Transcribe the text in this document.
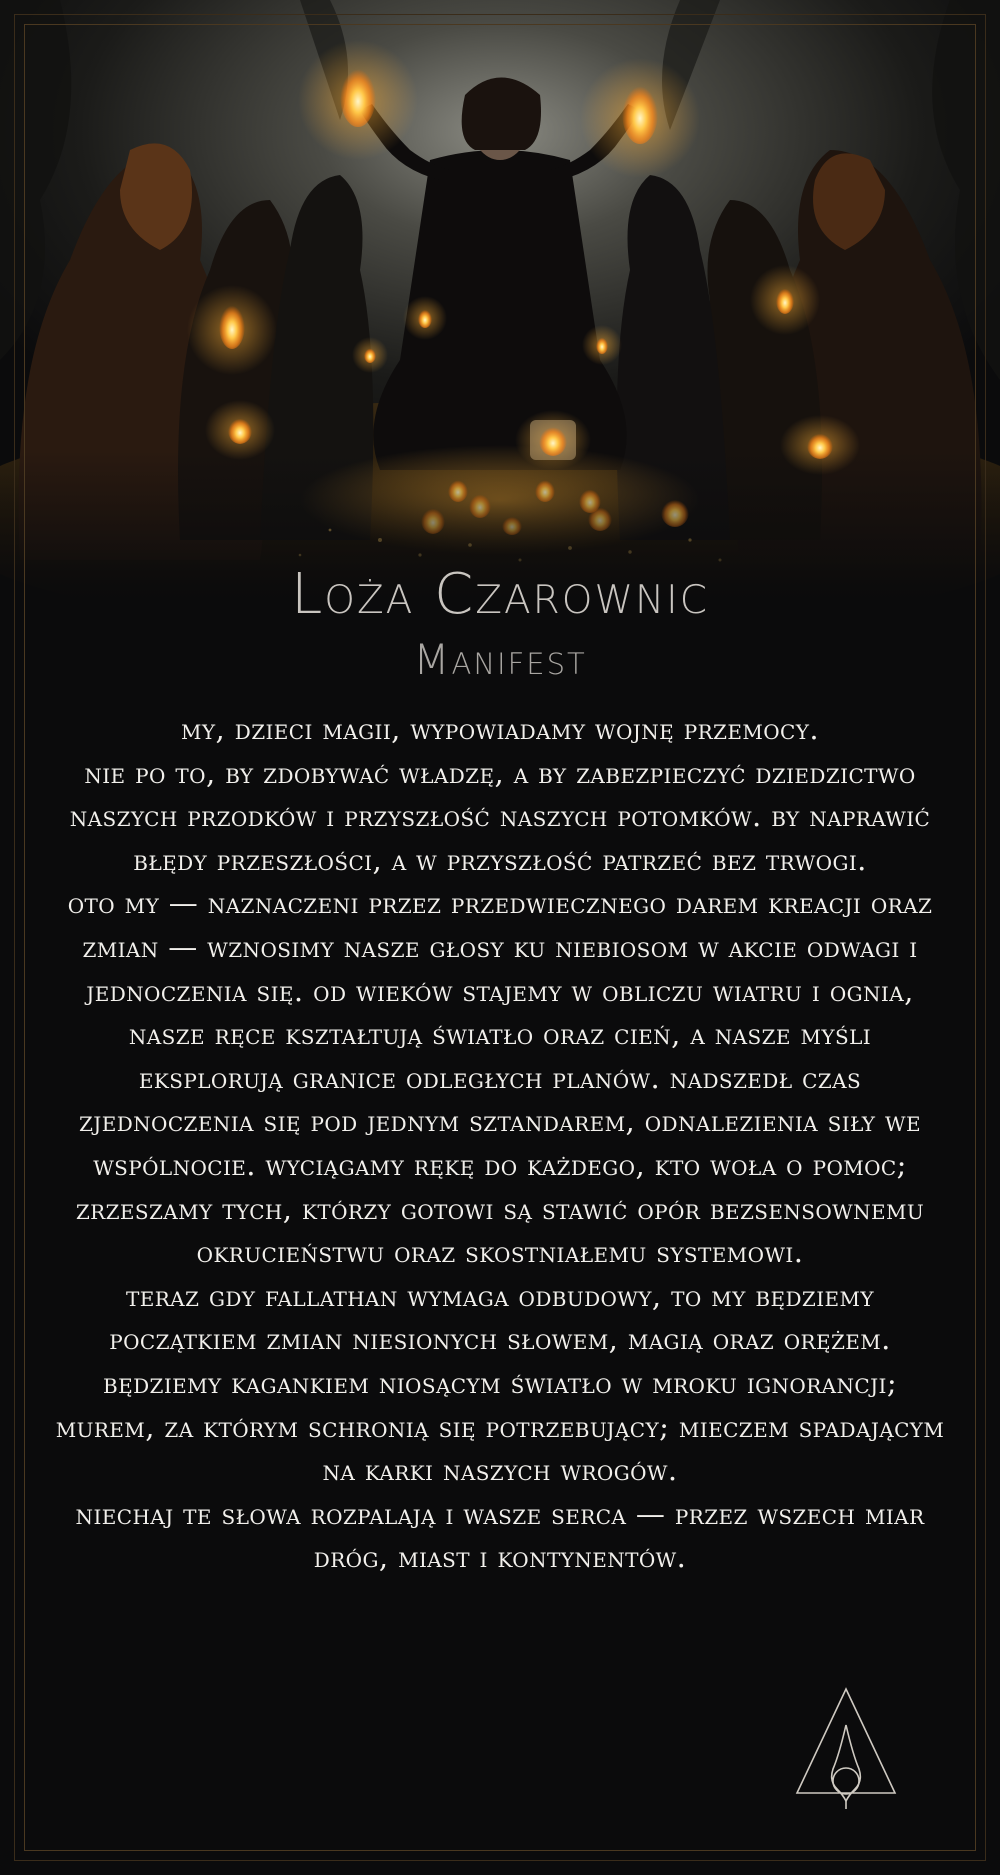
Loża Czarownic
Manifest

my, dzieci magii, wypowiadamy wojnę przemocy.

nie po to, by zdobywać władzę, a by zabezpieczyć dziedzictwo naszych przodków i przyszłość naszych potomków. by naprawić błędy przeszłości, a w przyszłość patrzeć bez trwogi.

oto my — naznaczeni przez przedwiecznego darem kreacji oraz zmian — wznosimy nasze głosy ku niebiosom w akcie odwagi i jednoczenia się. od wieków stajemy w obliczu wiatru i ognia, nasze ręce kształtują światło oraz cień, a nasze myśli eksplorują granice odległych planów. nadszedł czas zjednoczenia się pod jednym sztandarem, odnalezienia siły we wspólnocie. wyciągamy rękę do każdego, kto woła o pomoc; zrzeszamy tych, którzy gotowi są stawić opór bezsensownemu okrucieństwu oraz skostniałemu systemowi.

teraz gdy fallathan wymaga odbudowy, to my będziemy początkiem zmian niesionych słowem, magią oraz orężem. będziemy kagankiem niosącym światło w mroku ignorancji; murem, za którym schronią się potrzebujący; mieczem spadającym na karki naszych wrogów.

niechaj te słowa rozpalają i wasze serca — przez wszech miar dróg, miast i kontynentów.
